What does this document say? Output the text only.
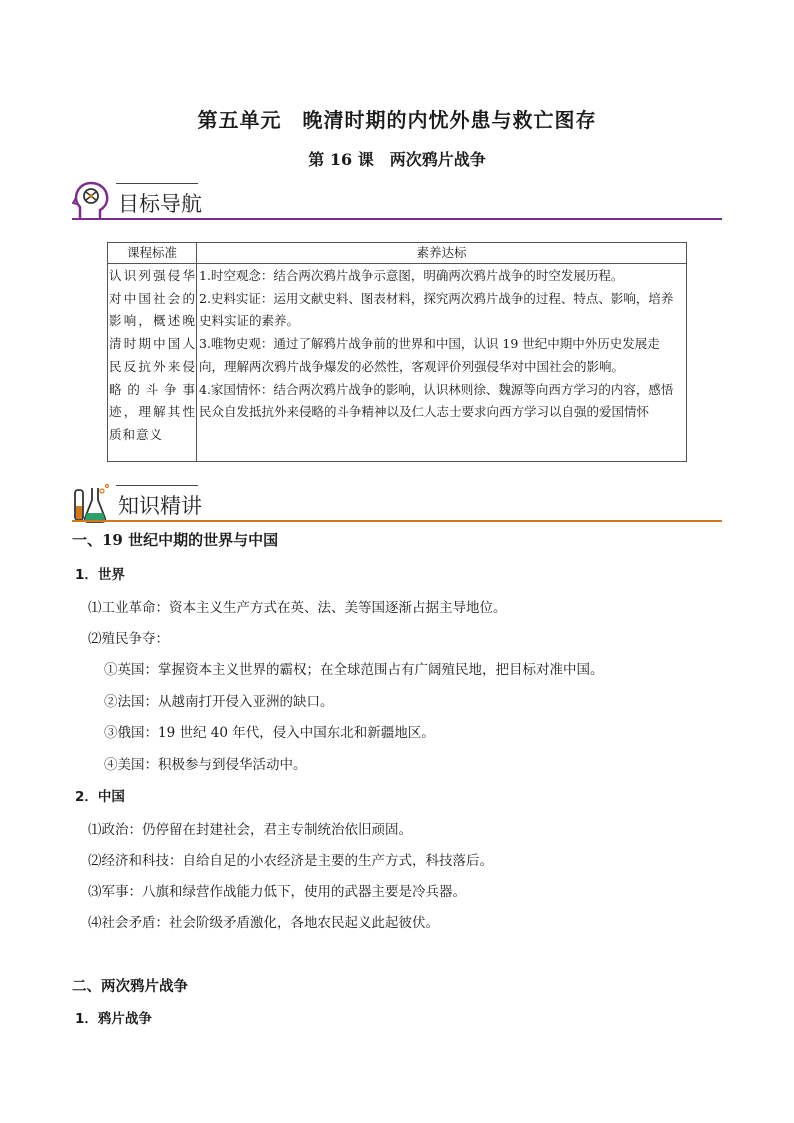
第五单元　晚清时期的内忧外患与救亡图存
第 16 课　两次鸦片战争
目标导航
课程标准	素养达标
认识列强侵华对中国社会的影响，概述晚清时期中国人民反抗外来侵略的斗争事迹，理解其性质和意义	1.时空观念：结合两次鸦片战争示意图，明确两次鸦片战争的时空发展历程。

2.史料实证：运用文献史料、图表材料，探究两次鸦片战争的过程、特点、影响，培养史料实证的素养。

3.唯物史观：通过了解鸦片战争前的世界和中国，认识 19 世纪中期中外历史发展走向，理解两次鸦片战争爆发的必然性，客观评价列强侵华对中国社会的影响。

4.家国情怀：结合两次鸦片战争的影响，认识林则徐、魏源等向西方学习的内容，感悟民众自发抵抗外来侵略的斗争精神以及仁人志士要求向西方学习以自强的爱国情怀

知识精讲
一、19 世纪中期的世界与中国
1．世界
⑴工业革命：资本主义生产方式在英、法、美等国逐渐占据主导地位。
⑵殖民争夺：
①英国：掌握资本主义世界的霸权；在全球范围占有广阔殖民地，把目标对准中国。
②法国：从越南打开侵入亚洲的缺口。
③俄国：19 世纪 40 年代，侵入中国东北和新疆地区。
④美国：积极参与到侵华活动中。
2．中国
⑴政治：仍停留在封建社会，君主专制统治依旧顽固。
⑵经济和科技：自给自足的小农经济是主要的生产方式，科技落后。
⑶军事：八旗和绿营作战能力低下，使用的武器主要是冷兵器。
⑷社会矛盾：社会阶级矛盾激化，各地农民起义此起彼伏。
二、两次鸦片战争
1．鸦片战争
